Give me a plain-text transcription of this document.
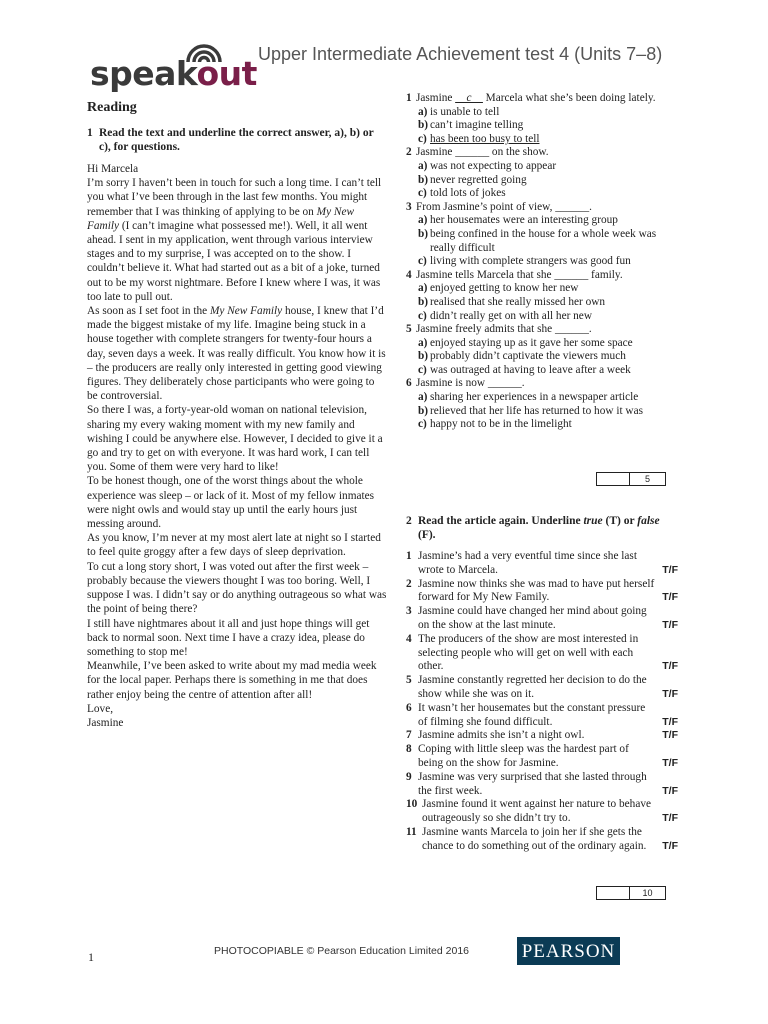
speakout Upper Intermediate Achievement test 4 (Units 7–8)
Reading
1 Read the text and underline the correct answer, a), b) or c), for questions.

Hi Marcela

I’m sorry I haven’t been in touch for such a long time. I can’t tell you what I’ve been through in the last few months. You might remember that I was thinking of applying to be on My New Family (I can’t imagine what possessed me!). Well, it all went ahead. I sent in my application, went through various interview stages and to my surprise, I was accepted on to the show. I couldn’t believe it. What had started out as a bit of a joke, turned out to be my worst nightmare. Before I knew where I was, it was too late to pull out.

As soon as I set foot in the My New Family house, I knew that I’d made the biggest mistake of my life. Imagine being stuck in a house together with complete strangers for twenty-four hours a day, seven days a week. It was really difficult. You know how it is – the producers are really only interested in getting good viewing figures. They deliberately chose participants who were going to be controversial.

So there I was, a forty-year-old woman on national television, sharing my every waking moment with my new family and wishing I could be anywhere else. However, I decided to give it a go and try to get on with everyone. It was hard work, I can tell you. Some of them were very hard to like!

To be honest though, one of the worst things about the whole experience was sleep – or lack of it. Most of my fellow inmates were night owls and would stay up until the early hours just messing around.

As you know, I’m never at my most alert late at night so I started to feel quite groggy after a few days of sleep deprivation.

To cut a long story short, I was voted out after the first week – probably because the viewers thought I was too boring. Well, I suppose I was. I didn’t say or do anything outrageous so what was the point of being there?

I still have nightmares about it all and just hope things will get back to normal soon. Next time I have a crazy idea, please do something to stop me!

Meanwhile, I’ve been asked to write about my mad media week for the local paper. Perhaps there is something in me that does rather enjoy being the centre of attention after all!

Love,

Jasmine

1 Jasmine __c__ Marcela what she’s been doing lately.
a) is unable to tell
b) can’t imagine telling
c) has been too busy to tell
2 Jasmine ______ on the show.
a) was not expecting to appear
b) never regretted going
c) told lots of jokes
3 From Jasmine’s point of view, ______.
a) her housemates were an interesting group
b) being confined in the house for a whole week was really difficult
c) living with complete strangers was good fun
4 Jasmine tells Marcela that she ______ family.
a) enjoyed getting to know her new
b) realised that she really missed her own
c) didn’t really get on with all her new
5 Jasmine freely admits that she ______.
a) enjoyed staying up as it gave her some space
b) probably didn’t captivate the viewers much
c) was outraged at having to leave after a week
6 Jasmine is now ______.
a) sharing her experiences in a newspaper article
b) relieved that her life has returned to how it was
c) happy not to be in the limelight
5
2 Read the article again. Underline true (T) or false (F).
1 Jasmine’s had a very eventful time since she last wrote to Marcela.	T/F
2 Jasmine now thinks she was mad to have put herself forward for My New Family.	T/F
3 Jasmine could have changed her mind about going on the show at the last minute.	T/F
4 The producers of the show are most interested in selecting people who will get on well with each other.	T/F
5 Jasmine constantly regretted her decision to do the show while she was on it.	T/F
6 It wasn’t her housemates but the constant pressure of filming she found difficult.	T/F
7 Jasmine admits she isn’t a night owl.	T/F
8 Coping with little sleep was the hardest part of being on the show for Jasmine.	T/F
9 Jasmine was very surprised that she lasted through the first week.	T/F
10 Jasmine found it went against her nature to behave outrageously so she didn’t try to.	T/F
11 Jasmine wants Marcela to join her if she gets the chance to do something out of the ordinary again.	T/F
10
1	PHOTOCOPIABLE © Pearson Education Limited 2016	PEARSON
